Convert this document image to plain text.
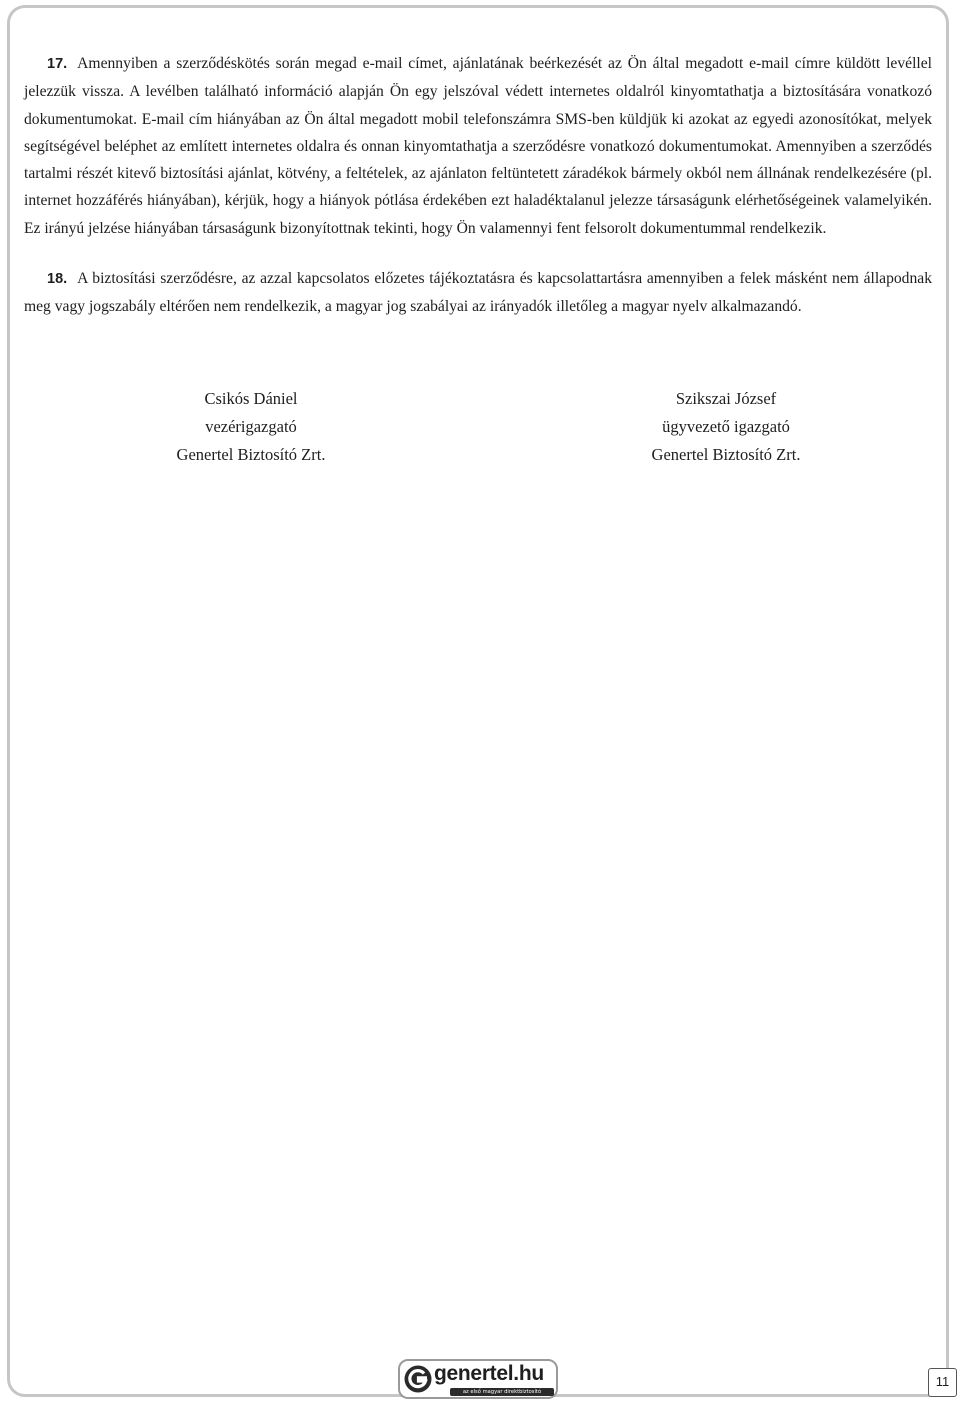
17. Amennyiben a szerződéskötés során megad e-mail címet, ajánlatának beérkezését az Ön által megadott e-mail címre küldött levéllel jelezzük vissza. A levélben található információ alapján Ön egy jelszóval védett internetes oldalról kinyomtathatja a biztosítására vonatkozó dokumentumokat. E-mail cím hiányában az Ön által megadott mobil telefonszámra SMS-ben küldjük ki azokat az egyedi azonosítókat, melyek segítségével beléphet az említett internetes oldalra és onnan kinyomtathatja a szerződésre vonatkozó dokumentumokat. Amennyiben a szerződés tartalmi részét kitevő biztosítási ajánlat, kötvény, a feltételek, az ajánlaton feltüntetett záradékok bármely okból nem állnának rendelkezésére (pl. internet hozzáférés hiányában), kérjük, hogy a hiányok pótlása érdekében ezt haladéktalanul jelezze társaságunk elérhetőségeinek valamelyikén. Ez irányú jelzése hiányában társaságunk bizonyítottnak tekinti, hogy Ön valamennyi fent felsorolt dokumentummal rendelkezik.

18. A biztosítási szerződésre, az azzal kapcsolatos előzetes tájékoztatásra és kapcsolattartásra amennyiben a felek másként nem állapodnak meg vagy jogszabály eltérően nem rendelkezik, a magyar jog szabályai az irányadók illetőleg a magyar nyelv alkalmazandó.

Csikós Dániel
vezérigazgató
Genertel Biztosító Zrt.
Szikszai József
ügyvezető igazgató
Genertel Biztosító Zrt.
genertel.hu
az első magyar direktbiztosító
11
